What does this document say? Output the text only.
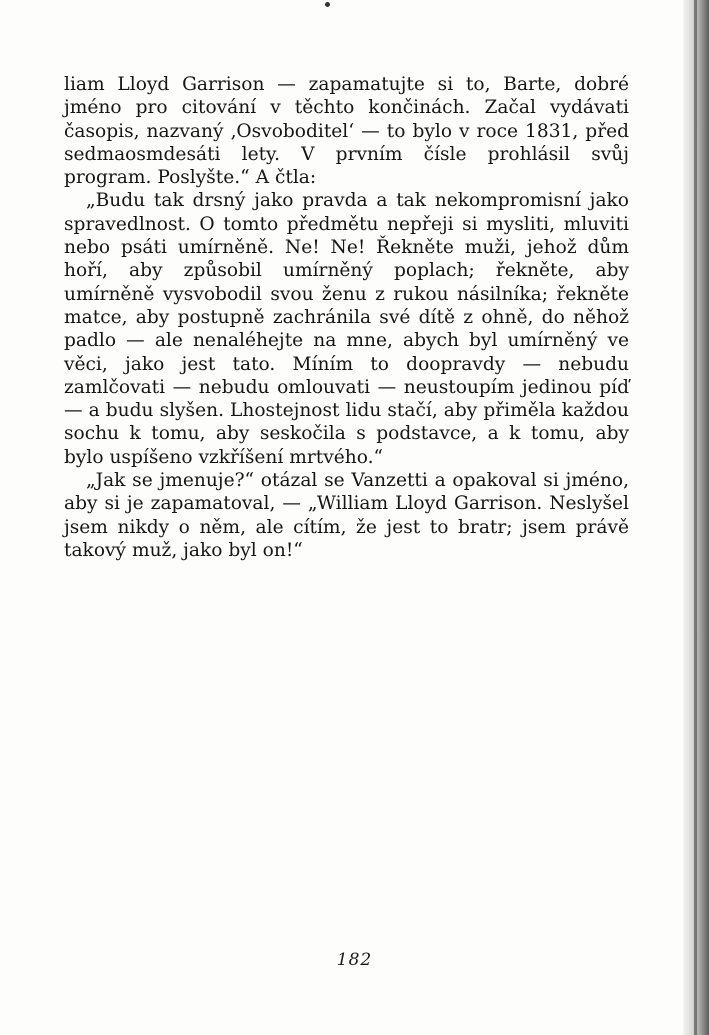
liam Lloyd Garrison — zapamatujte si to, Barte, dobré jméno pro citování v těchto končinách. Začal vydávati časopis, nazvaný ‚Osvoboditel‘ — to bylo v roce 1831, před sedmaosmdesáti lety. V prvním čísle prohlásil svůj program. Poslyšte.“ A čtla:

„Budu tak drsný jako pravda a tak nekompromisní jako spravedlnost. O tomto předmětu nepřeji si mysliti, mluviti nebo psáti umírněně. Ne! Ne! Řekněte muži, jehož dům hoří, aby způsobil umírněný poplach; řekněte, aby umírněně vysvobodil svou ženu z rukou násilníka; řekněte matce, aby postupně zachránila své dítě z ohně, do něhož padlo — ale nenaléhejte na mne, abych byl umírněný ve věci, jako jest tato. Míním to doopravdy — nebudu zamlčovati — nebudu omlouvati — neustoupím jedinou píď — a budu slyšen. Lhostejnost lidu stačí, aby přiměla každou sochu k tomu, aby seskočila s podstavce, a k tomu, aby bylo uspíšeno vzkříšení mrtvého.“

„Jak se jmenuje?“ otázal se Vanzetti a opakoval si jméno, aby si je zapamatoval, — „William Lloyd Garrison. Neslyšel jsem nikdy o něm, ale cítím, že jest to bratr; jsem právě takový muž, jako byl on!“

182
